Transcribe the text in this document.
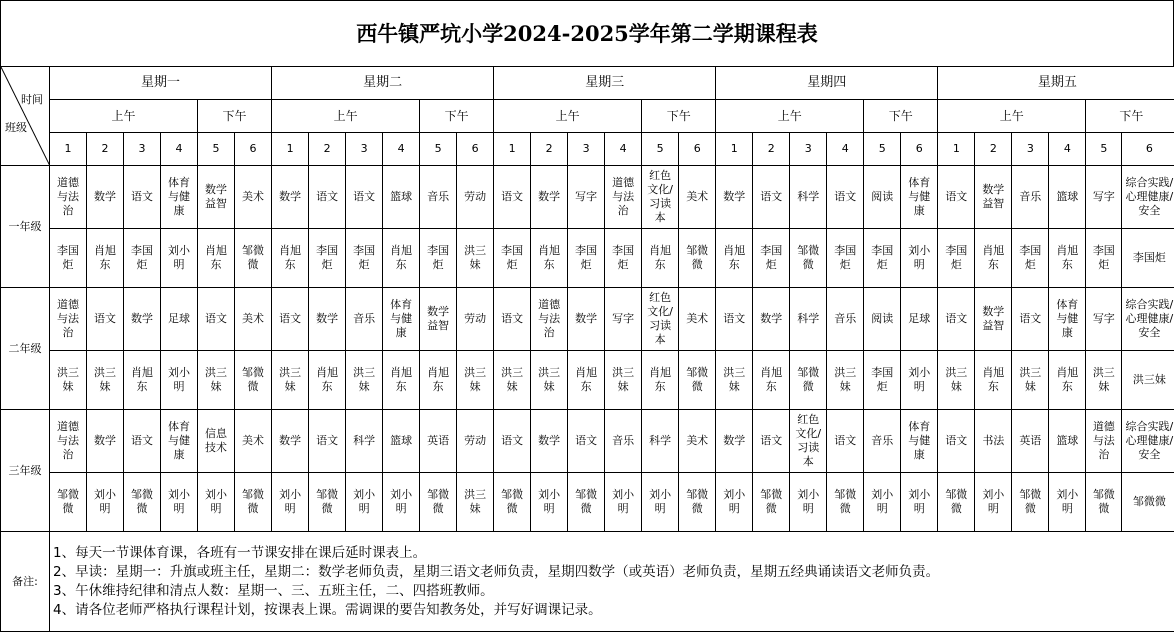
西牛镇严坑小学2024-2025学年第二学期课程表
时间
班级	星期一						星期二						星期三						星期四						星期五					
	上午				下午		上午				下午		上午				下午		上午				下午		上午				下午	
	1	2	3	4	5	6	1	2	3	4	5	6	1	2	3	4	5	6	1	2	3	4	5	6	1	2	3	4	5	6
一年级	道德与法治	数学	语文	体育与健康	数学益智	美术	数学	语文	语文	篮球	音乐	劳动	语文	数学	写字	道德与法治	红色文化/习读本	美术	数学	语文	科学	语文	阅读	体育与健康	语文	数学益智	音乐	篮球	写字	综合实践/心理健康/安全
	李国炬	肖旭东	李国炬	刘小明	肖旭东	邹微微	肖旭东	李国炬	李国炬	肖旭东	李国炬	洪三妹	李国炬	肖旭东	李国炬	李国炬	肖旭东	邹微微	肖旭东	李国炬	邹微微	李国炬	李国炬	刘小明	李国炬	肖旭东	李国炬	肖旭东	李国炬	李国炬
二年级	道德与法治	语文	数学	足球	语文	美术	语文	数学	音乐	体育与健康	数学益智	劳动	语文	道德与法治	数学	写字	红色文化/习读本	美术	语文	数学	科学	音乐	阅读	足球	语文	数学益智	语文	体育与健康	写字	综合实践/心理健康/安全
	洪三妹	洪三妹	肖旭东	刘小明	洪三妹	邹微微	洪三妹	肖旭东	洪三妹	肖旭东	肖旭东	洪三妹	洪三妹	洪三妹	肖旭东	洪三妹	肖旭东	邹微微	洪三妹	肖旭东	邹微微	洪三妹	李国炬	刘小明	洪三妹	肖旭东	洪三妹	肖旭东	洪三妹	洪三妹
三年级	道德与法治	数学	语文	体育与健康	信息技术	美术	数学	语文	科学	篮球	英语	劳动	语文	数学	语文	音乐	科学	美术	数学	语文	红色文化/习读本	语文	音乐	体育与健康	语文	书法	英语	篮球	道德与法治	综合实践/心理健康/安全
	邹微微	刘小明	邹微微	刘小明	刘小明	邹微微	刘小明	邹微微	刘小明	刘小明	邹微微	洪三妹	邹微微	刘小明	邹微微	刘小明	刘小明	邹微微	刘小明	邹微微	刘小明	邹微微	刘小明	刘小明	邹微微	刘小明	邹微微	刘小明	邹微微	邹微微
备注:	1、每天一节课体育课，各班有一节课安排在课后延时课表上。
2、早读：星期一：升旗或班主任，星期二：数学老师负责，星期三语文老师负责，星期四数学（或英语）老师负责，星期五经典诵读语文老师负责。
3、午休维持纪律和清点人数：星期一、三、五班主任，二、四搭班教师。
4、请各位老师严格执行课程计划，按课表上课。需调课的要告知教务处，并写好调课记录。																													
